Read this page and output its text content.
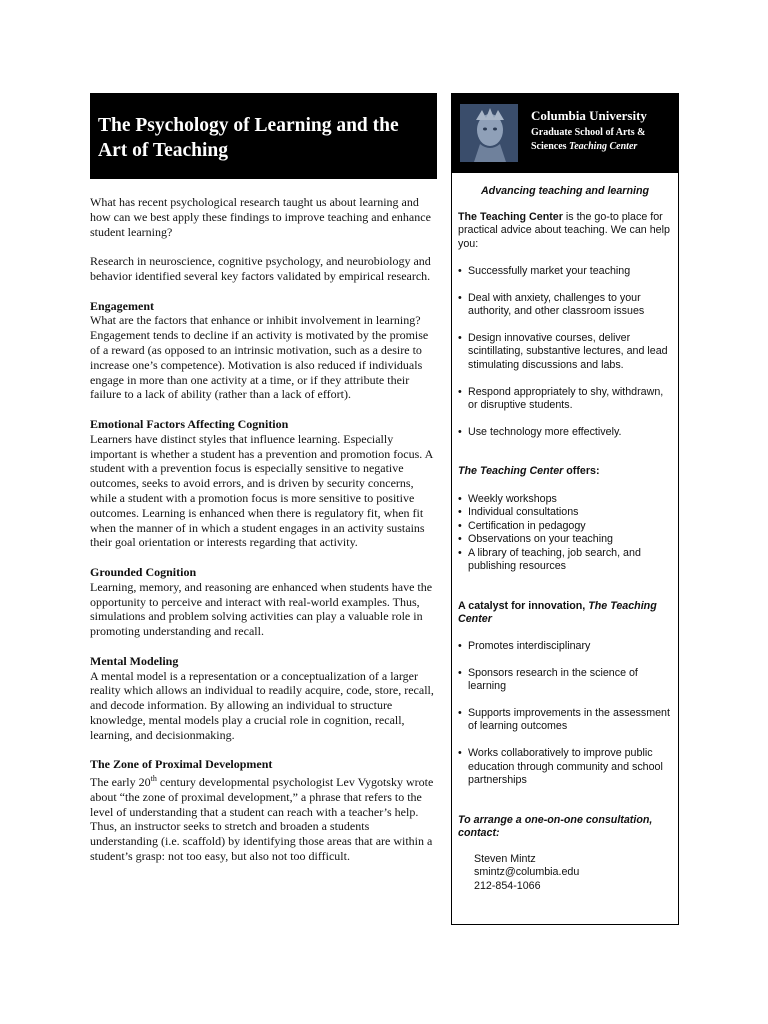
The Psychology of Learning and the Art of Teaching
Columbia University
Graduate School of Arts &
Sciences Teaching Center

What has recent psychological research taught us about learning and how can we best apply these findings to improve teaching and enhance student learning?

Research in neuroscience, cognitive psychology, and neurobiology and behavior identified several key factors validated by empirical research.

Engagement

What are the factors that enhance or inhibit involvement in learning? Engagement tends to decline if an activity is motivated by the promise of a reward (as opposed to an intrinsic motivation, such as a desire to increase one’s competence). Motivation is also reduced if individuals engage in more than one activity at a time, or if they attribute their failure to a lack of ability (rather than a lack of effort).

Emotional Factors Affecting Cognition

Learners have distinct styles that influence learning. Especially important is whether a student has a prevention and promotion focus. A student with a prevention focus is especially sensitive to negative outcomes, seeks to avoid errors, and is driven by security concerns, while a student with a promotion focus is more sensitive to positive outcomes. Learning is enhanced when there is regulatory fit, when fit when the manner of in which a student engages in an activity sustains their goal orientation or interests regarding that activity.

Grounded Cognition

Learning, memory, and reasoning are enhanced when students have the opportunity to perceive and interact with real-world examples. Thus, simulations and problem solving activities can play a valuable role in promoting understanding and recall.

Mental Modeling

A mental model is a representation or a conceptualization of a larger reality which allows an individual to readily acquire, code, store, recall, and decode information. By allowing an individual to structure knowledge, mental models play a crucial role in cognition, recall, learning, and decisionmaking.

The Zone of Proximal Development

The early 20th century developmental psychologist Lev Vygotsky wrote about “the zone of proximal development,” a phrase that refers to the level of understanding that a student can reach with a teacher’s help. Thus, an instructor seeks to stretch and broaden a students understanding (i.e. scaffold) by identifying those areas that are within a student’s grasp: not too easy, but also not too difficult.

Advancing teaching and learning

The Teaching Center is the go-to place for practical advice about teaching. We can help you:

• Successfully market your teaching
• Deal with anxiety, challenges to your authority, and other classroom issues
• Design innovative courses, deliver scintillating, substantive lectures, and lead stimulating discussions and labs.
• Respond appropriately to shy, withdrawn, or disruptive students.
• Use technology more effectively.

The Teaching Center offers:

• Weekly workshops
• Individual consultations
• Certification in pedagogy
• Observations on your teaching
• A library of teaching, job search, and publishing resources

A catalyst for innovation, The Teaching Center

• Promotes interdisciplinary
• Sponsors research in the science of learning
• Supports improvements in the assessment of learning outcomes
• Works collaboratively to improve public education through community and school partnerships
To arrange a one-on-one consultation, contact:
Steven Mintz
smintz@columbia.edu
212-854-1066
